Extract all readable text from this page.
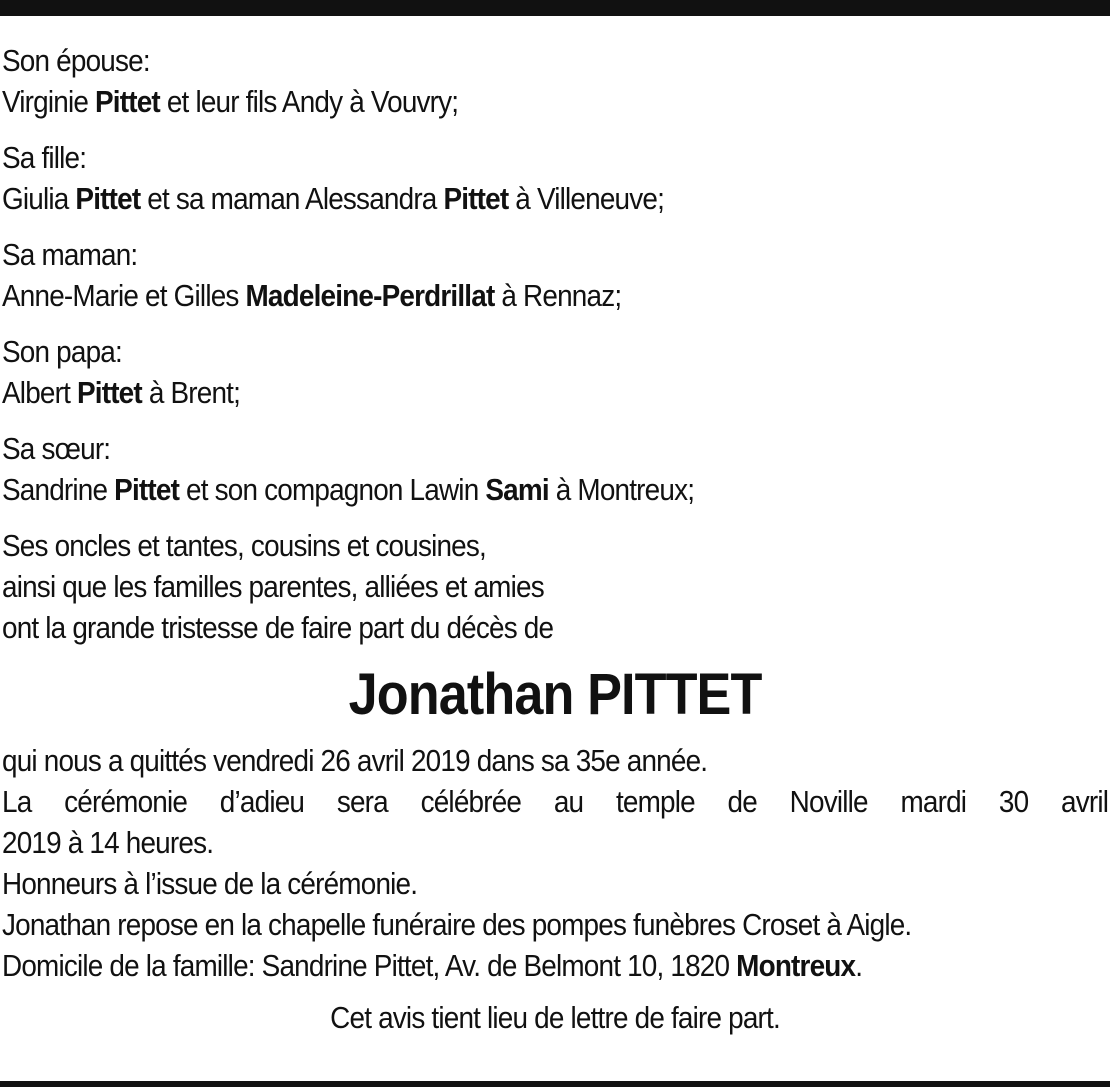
Son épouse:
Virginie Pittet et leur fils Andy à Vouvry;
Sa fille:
Giulia Pittet et sa maman Alessandra Pittet à Villeneuve;
Sa maman:
Anne-Marie et Gilles Madeleine-Perdrillat à Rennaz;
Son papa:
Albert Pittet à Brent;
Sa sœur:
Sandrine Pittet et son compagnon Lawin Sami à Montreux;
Ses oncles et tantes, cousins et cousines,
ainsi que les familles parentes, alliées et amies
ont la grande tristesse de faire part du décès de
Jonathan PITTET
qui nous a quittés vendredi 26 avril 2019 dans sa 35e année.
La cérémonie d’adieu sera célébrée au temple de Noville mardi 30 avril
2019 à 14 heures.
Honneurs à l’issue de la cérémonie.
Jonathan repose en la chapelle funéraire des pompes funèbres Croset à Aigle.
Domicile de la famille: Sandrine Pittet, Av. de Belmont 10, 1820 Montreux.
Cet avis tient lieu de lettre de faire part.
